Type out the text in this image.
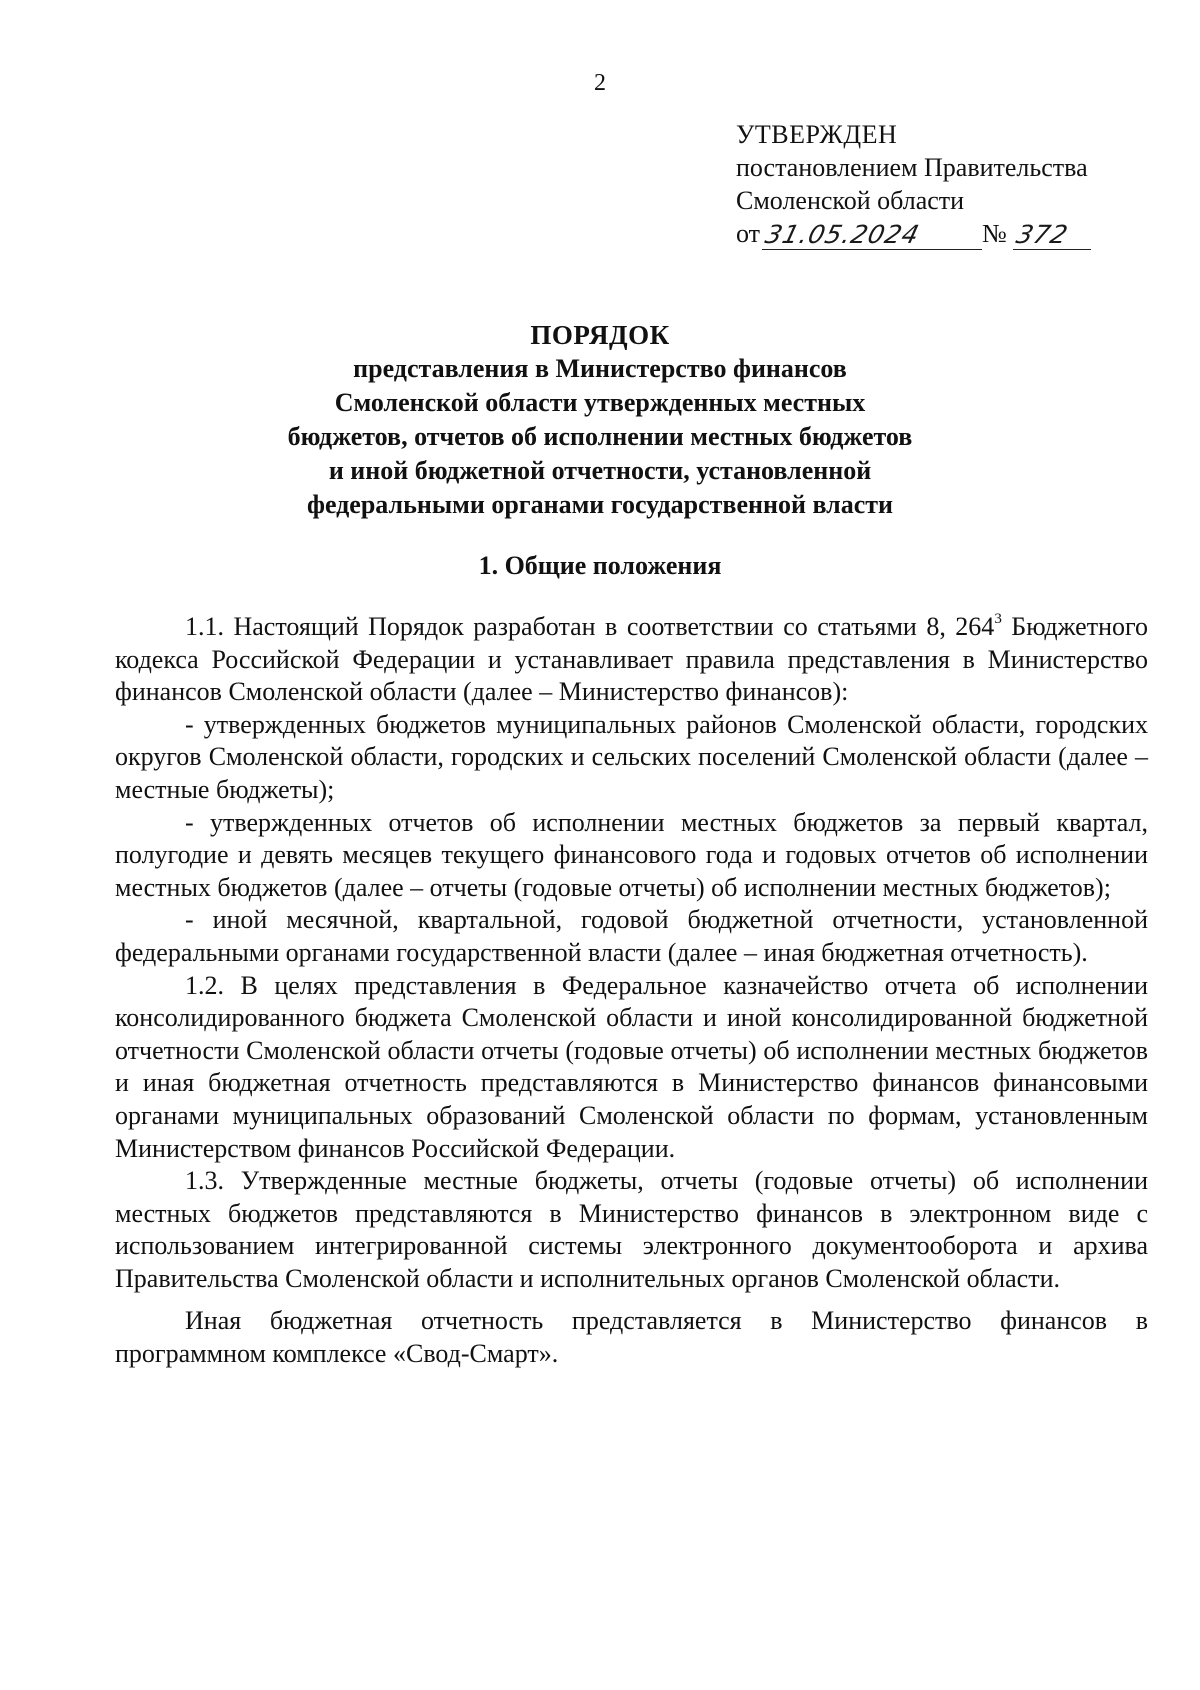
2
УТВЕРЖДЕН
постановлением Правительства
Смоленской области
от 31.05.2024 № 372
ПОРЯДОК
представления в Министерство финансов
Смоленской области утвержденных местных
бюджетов, отчетов об исполнении местных бюджетов
и иной бюджетной отчетности, установленной
федеральными органами государственной власти
1. Общие положения

1.1. Настоящий Порядок разработан в соответствии со статьями 8, $264^3$ Бюджетного кодекса Российской Федерации и устанавливает правила представления в Министерство финансов Смоленской области (далее – Министерство финансов):

- утвержденных бюджетов муниципальных районов Смоленской области, городских округов Смоленской области, городских и сельских поселений Смоленской области (далее – местные бюджеты);

- утвержденных отчетов об исполнении местных бюджетов за первый квартал, полугодие и девять месяцев текущего финансового года и годовых отчетов об исполнении местных бюджетов (далее – отчеты (годовые отчеты) об исполнении местных бюджетов);

- иной месячной, квартальной, годовой бюджетной отчетности, установленной федеральными органами государственной власти (далее – иная бюджетная отчетность).

1.2. В целях представления в Федеральное казначейство отчета об исполнении консолидированного бюджета Смоленской области и иной консолидированной бюджетной отчетности Смоленской области отчеты (годовые отчеты) об исполнении местных бюджетов и иная бюджетная отчетность представляются в Министерство финансов финансовыми органами муниципальных образований Смоленской области по формам, установленным Министерством финансов Российской Федерации.

1.3. Утвержденные местные бюджеты, отчеты (годовые отчеты) об исполнении местных бюджетов представляются в Министерство финансов в электронном виде с использованием интегрированной системы электронного документооборота и архива Правительства Смоленской области и исполнительных органов Смоленской области.

Иная бюджетная отчетность представляется в Министерство финансов в программном комплексе «Свод-Смарт».
